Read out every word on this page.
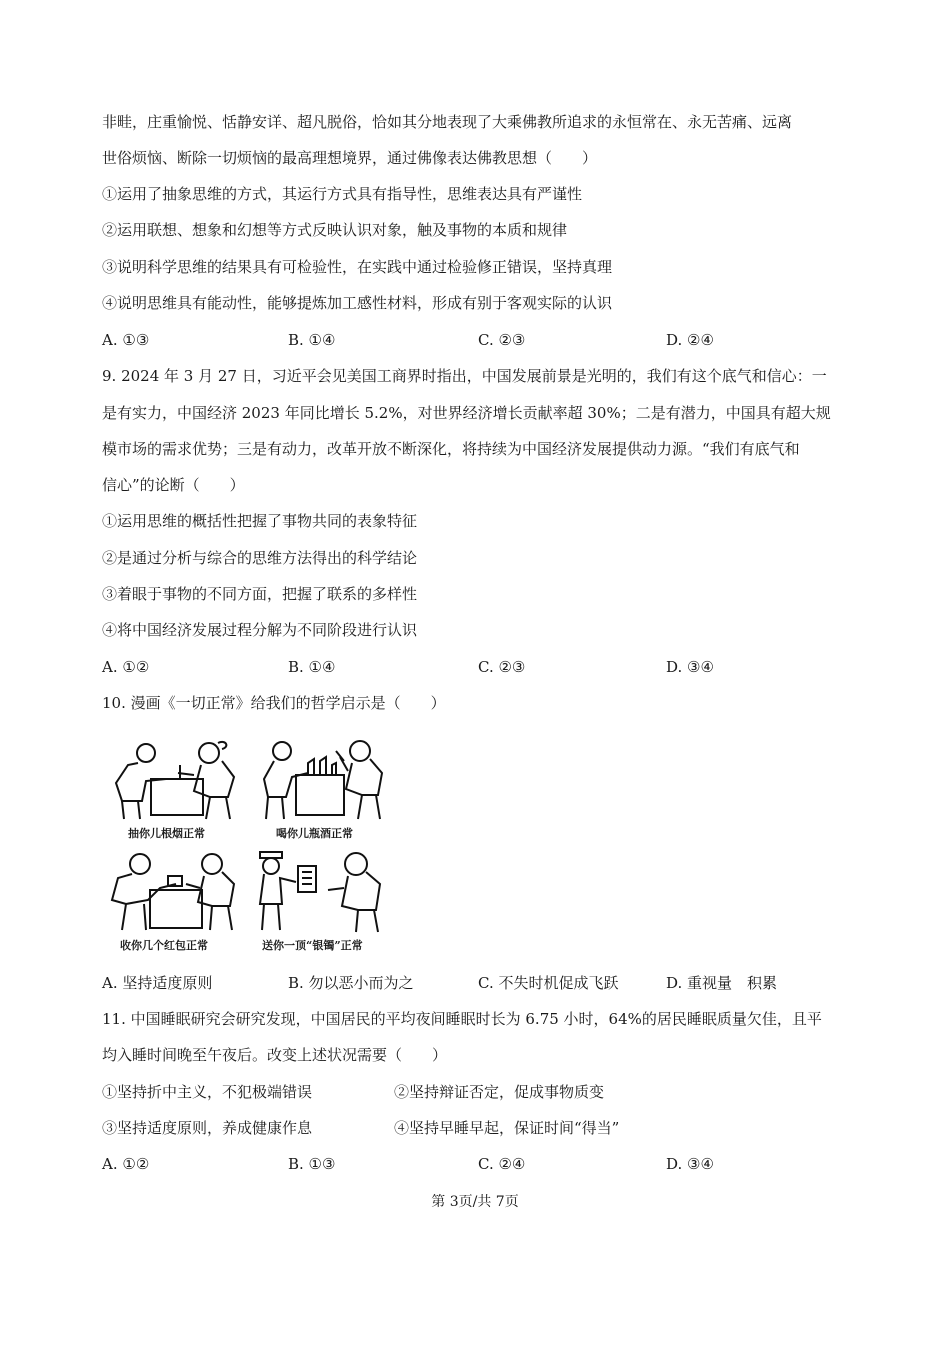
非畦，庄重愉悦、恬静安详、超凡脱俗，恰如其分地表现了大乘佛教所追求的永恒常在、永无苦痛、远离
世俗烦恼、断除一切烦恼的最高理想境界，通过佛像表达佛教思想（　　）
①运用了抽象思维的方式，其运行方式具有指导性，思维表达具有严谨性
②运用联想、想象和幻想等方式反映认识对象，触及事物的本质和规律
③说明科学思维的结果具有可检验性，在实践中通过检验修正错误，坚持真理
④说明思维具有能动性，能够提炼加工感性材料，形成有别于客观实际的认识
A. ①③	B. ①④	C. ②③	D. ②④
9. 2024 年 3 月 27 日，习近平会见美国工商界时指出，中国发展前景是光明的，我们有这个底气和信心：一
是有实力，中国经济 2023 年同比增长 5.2%，对世界经济增长贡献率超 30%；二是有潜力，中国具有超大规
模市场的需求优势；三是有动力，改革开放不断深化，将持续为中国经济发展提供动力源。“我们有底气和
信心”的论断（　　）
①运用思维的概括性把握了事物共同的表象特征
②是通过分析与综合的思维方法得出的科学结论
③着眼于事物的不同方面，把握了联系的多样性
④将中国经济发展过程分解为不同阶段进行认识
A. ①②	B. ①④	C. ②③	D. ③④
10. 漫画《一切正常》给我们的哲学启示是（　　）
抽你儿根烟正常	喝你儿瓶酒正常
收你几个红包正常	送你一顶“银镯”正常
A. 坚持适度原则	B. 勿以恶小而为之	C. 不失时机促成飞跃	D. 重视量　积累
11. 中国睡眠研究会研究发现，中国居民的平均夜间睡眠时长为 6.75 小时，64%的居民睡眠质量欠佳，且平
均入睡时间晚至午夜后。改变上述状况需要（　　）
①坚持折中主义，不犯极端错误	②坚持辩证否定，促成事物质变
③坚持适度原则，养成健康作息	④坚持早睡早起，保证时间“得当”
A. ①②	B. ①③	C. ②④	D. ③④
第 3页/共 7页
